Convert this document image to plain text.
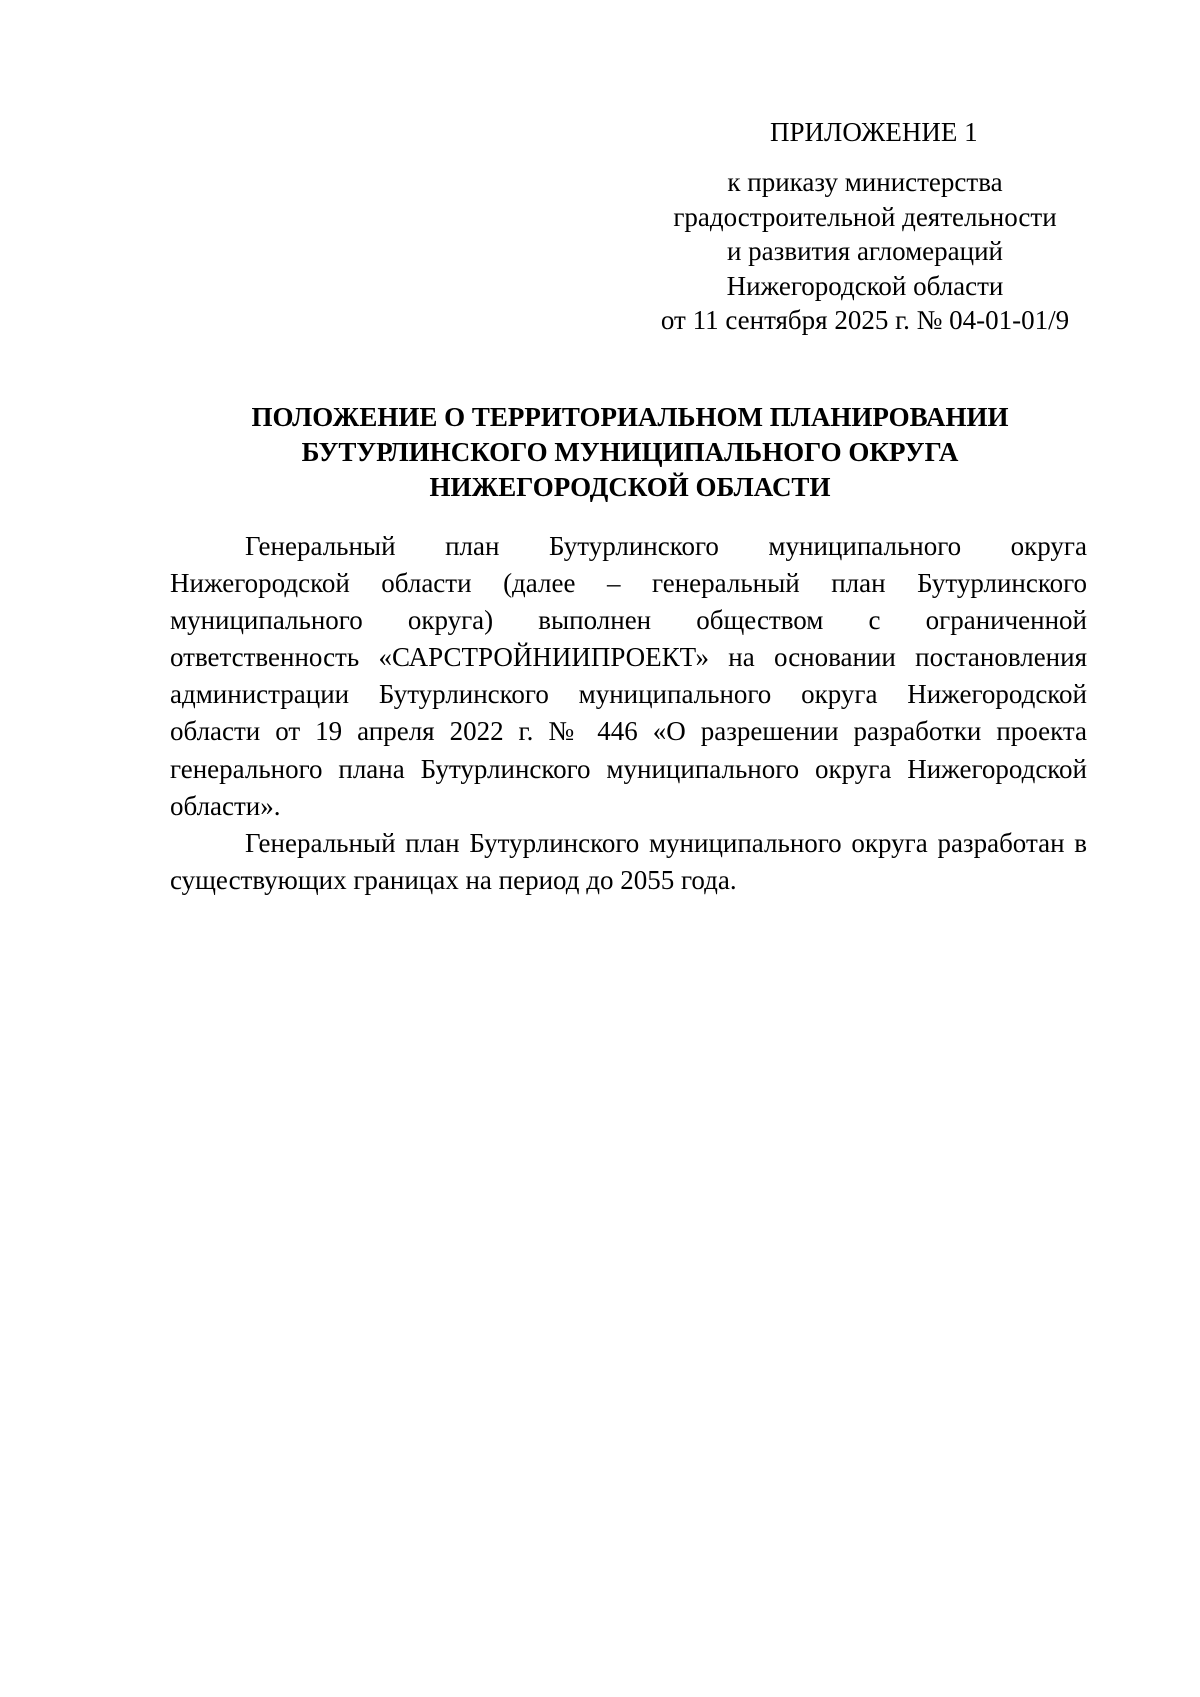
ПРИЛОЖЕНИЕ 1
к приказу министерства
градостроительной деятельности
и развития агломераций
Нижегородской области
от 11 сентября 2025 г. № 04-01-01/9
ПОЛОЖЕНИЕ О ТЕРРИТОРИАЛЬНОМ ПЛАНИРОВАНИИ
БУТУРЛИНСКОГО МУНИЦИПАЛЬНОГО ОКРУГА
НИЖЕГОРОДСКОЙ ОБЛАСТИ

Генеральный план Бутурлинского муниципального округа Нижегородской области (далее – генеральный план Бутурлинского муниципального округа) выполнен обществом с ограниченной ответственность «САРСТРОЙНИИПРОЕКТ» на основании постановления администрации Бутурлинского муниципального округа Нижегородской области от 19 апреля 2022 г. № 446 «О разрешении разработки проекта генерального плана Бутурлинского муниципального округа Нижегородской области».

Генеральный план Бутурлинского муниципального округа разработан в существующих границах на период до 2055 года.
